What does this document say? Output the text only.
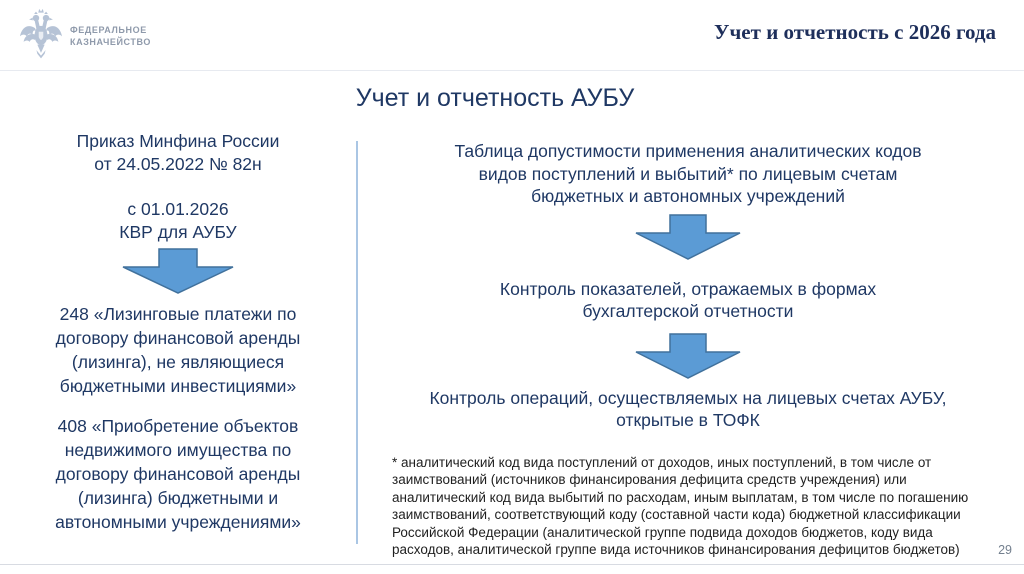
ФЕДЕРАЛЬНОЕ
КАЗНАЧЕЙСТВО	Учет и отчетность с 2026 года
Учет и отчетность АУБУ
Приказ Минфина России
от 24.05.2022 № 82н
с 01.01.2026
КВР для АУБУ
248 «Лизинговые платежи по
договору финансовой аренды
(лизинга), не являющиеся
бюджетными инвестициями»
408 «Приобретение объектов
недвижимого имущества по
договору финансовой аренды
(лизинга) бюджетными и
автономными учреждениями»
Таблица допустимости применения аналитических кодов
видов поступлений и выбытий* по лицевым счетам
бюджетных и автономных учреждений
Контроль показателей, отражаемых в формах
бухгалтерской отчетности
Контроль операций, осуществляемых на лицевых счетах АУБУ,
открытые в ТОФК
* аналитический код вида поступлений от доходов, иных поступлений, в том числе от
заимствований (источников финансирования дефицита средств учреждения) или
аналитический код вида выбытий по расходам, иным выплатам, в том числе по погашению
заимствований, соответствующий коду (составной части кода) бюджетной классификации
Российской Федерации (аналитической группе подвида доходов бюджетов, коду вида
расходов, аналитической группе вида источников финансирования дефицитов бюджетов)	29
